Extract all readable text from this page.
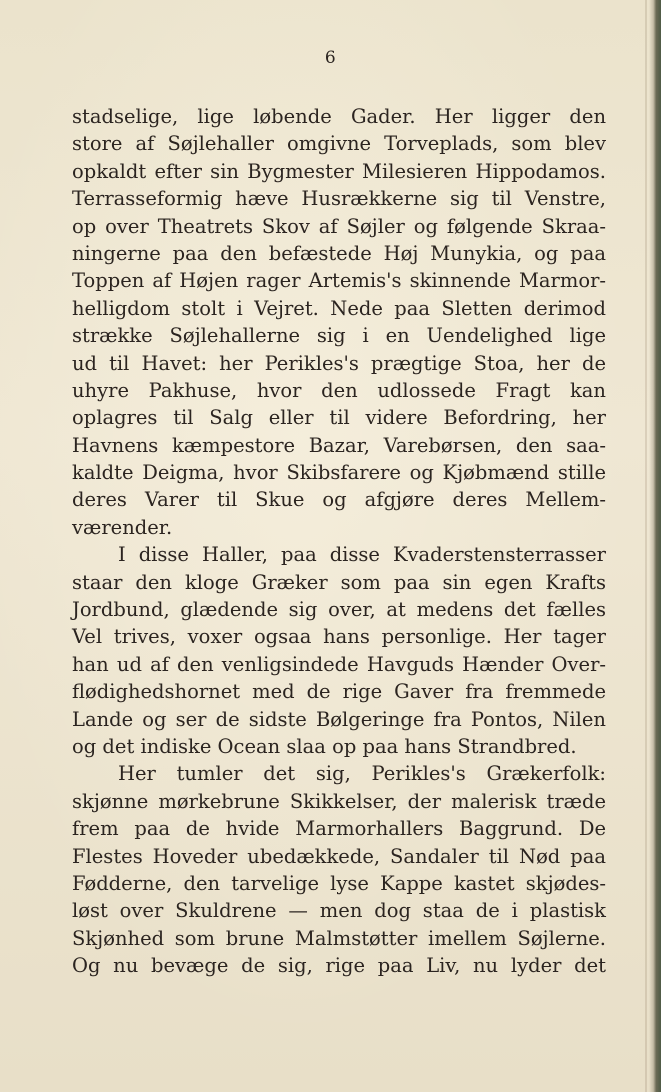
6
stadselige, lige løbende Gader. Her ligger den
store af Søjlehaller omgivne Torveplads, som blev
opkaldt efter sin Bygmester Milesieren Hippodamos.
Terrasseformig hæve Husrækkerne sig til Venstre,
op over Theatrets Skov af Søjler og følgende Skraa-
ningerne paa den befæstede Høj Munykia, og paa
Toppen af Højen rager Artemis's skinnende Marmor-
helligdom stolt i Vejret. Nede paa Sletten derimod
strække Søjlehallerne sig i en Uendelighed lige
ud til Havet: her Perikles's prægtige Stoa, her de
uhyre Pakhuse, hvor den udlossede Fragt kan
oplagres til Salg eller til videre Befordring, her
Havnens kæmpestore Bazar, Varebørsen, den saa-
kaldte Deigma, hvor Skibsfarere og Kjøbmænd stille
deres Varer til Skue og afgjøre deres Mellem-
værender.
I disse Haller, paa disse Kvaderstensterrasser
staar den kloge Græker som paa sin egen Krafts
Jordbund, glædende sig over, at medens det fælles
Vel trives, voxer ogsaa hans personlige. Her tager
han ud af den venligsindede Havguds Hænder Over-
flødighedshornet med de rige Gaver fra fremmede
Lande og ser de sidste Bølgeringe fra Pontos, Nilen
og det indiske Ocean slaa op paa hans Strandbred.
Her tumler det sig, Perikles's Grækerfolk:
skjønne mørkebrune Skikkelser, der malerisk træde
frem paa de hvide Marmorhallers Baggrund. De
Flestes Hoveder ubedækkede, Sandaler til Nød paa
Fødderne, den tarvelige lyse Kappe kastet skjødes-
løst over Skuldrene — men dog staa de i plastisk
Skjønhed som brune Malmstøtter imellem Søjlerne.
Og nu bevæge de sig, rige paa Liv, nu lyder det
